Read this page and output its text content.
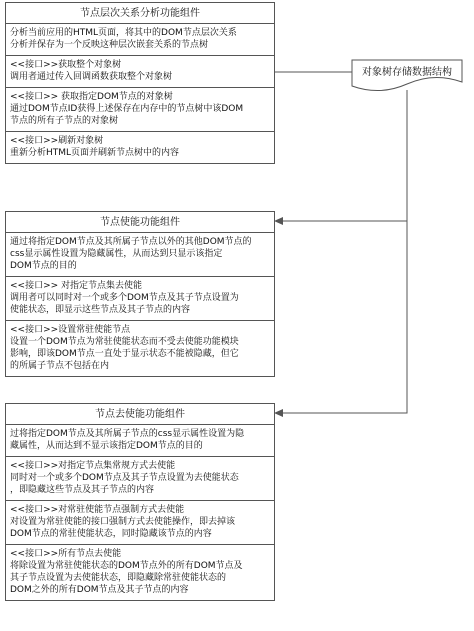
对象树存储数据结构
节点层次关系分析功能组件
分析当前应用的HTML页面，将其中的DOM节点层次关系
分析并保存为一个反映这种层次嵌套关系的节点树
<<接口>>获取整个对象树
调用者通过传入回调函数获取整个对象树
<<接口>> 获取指定DOM节点的对象树
通过DOM节点ID获得上述保存在内存中的节点树中该DOM
节点的所有子节点的对象树
<<接口>>刷新对象树
重新分析HTML页面并刷新节点树中的内容
节点使能功能组件
通过将指定DOM节点及其所属子节点以外的其他DOM节点的
css显示属性设置为隐藏属性，从而达到只显示该指定
DOM节点的目的
<<接口>> 对指定节点集去使能
调用者可以同时对一个或多个DOM节点及其子节点设置为
使能状态，即显示这些节点及其子节点的内容
<<接口>>设置常驻使能节点
设置一个DOM节点为常驻使能状态而不受去使能功能模块
影响，即该DOM节点一直处于显示状态不能被隐藏，但它
的所属子节点不包括在内
节点去使能功能组件
过将指定DOM节点及其所属子节点的css显示属性设置为隐
藏属性，从而达到不显示该指定DOM节点的目的
<<接口>>对指定节点集常规方式去使能
同时对一个或多个DOM节点及其子节点设置为去使能状态
，即隐藏这些节点及其子节点的内容
<<接口>>对常驻使能节点强制方式去使能
对设置为常驻使能的接口强制方式去使能操作，即去掉该
DOM节点的常驻使能状态，同时隐藏该节点的内容
<<接口>>所有节点去使能
将除设置为常驻使能状态的DOM节点外的所有DOM节点及
其子节点设置为去使能状态，即隐藏除常驻使能状态的
DOM之外的所有DOM节点及其子节点的内容
